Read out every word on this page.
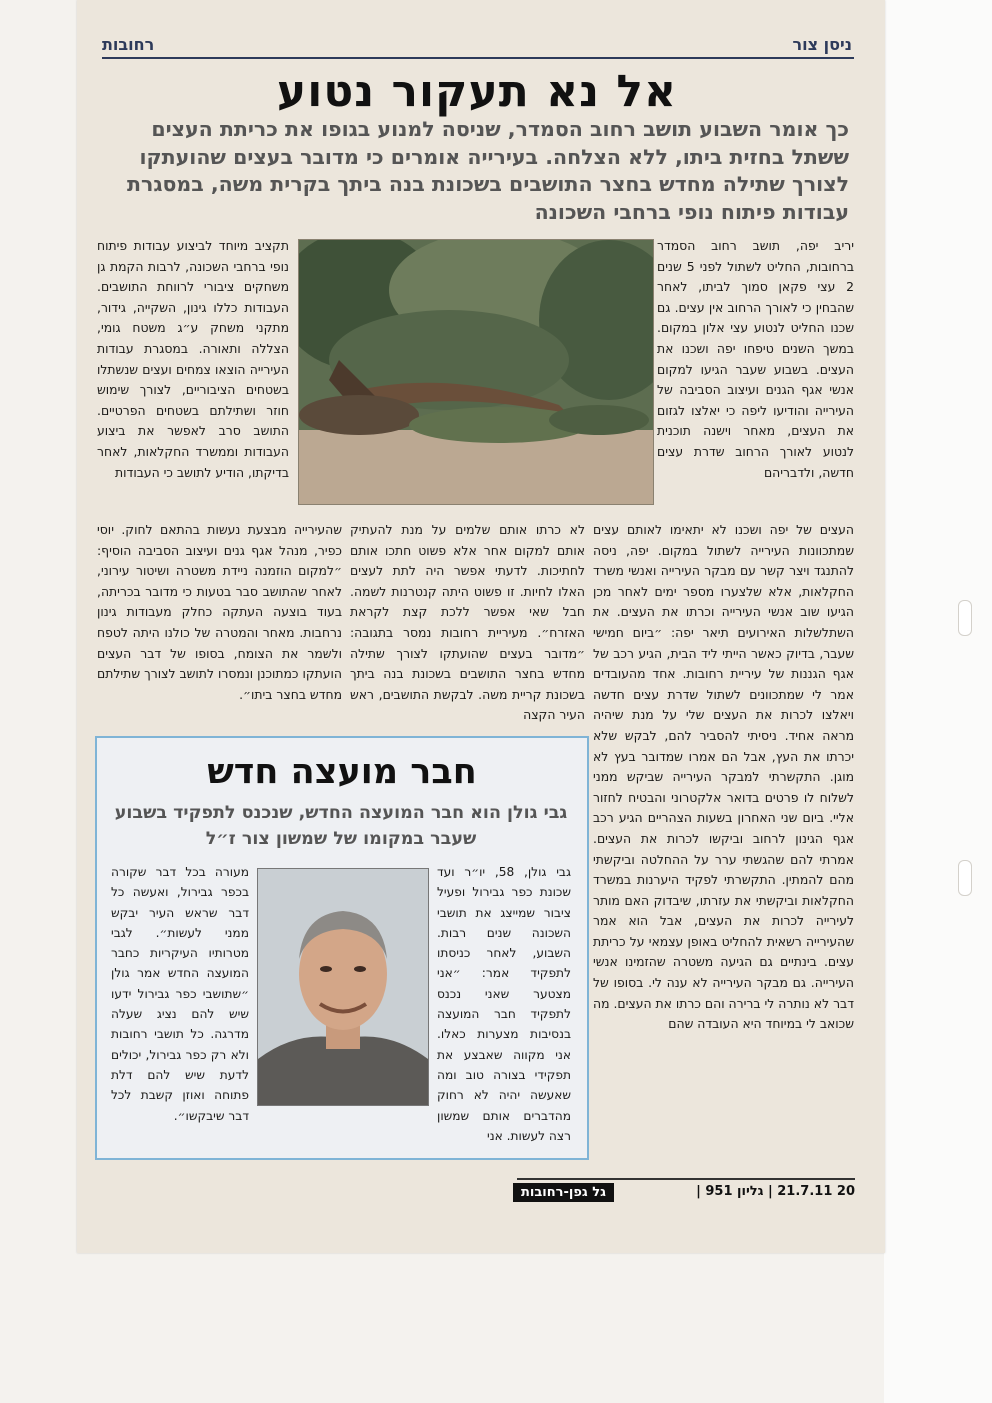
ניסן צור
רחובות
אל נא תעקור נטוע
כך אומר השבוע תושב רחוב הסמדר, שניסה למנוע בגופו את כריתת העצים ששתל בחזית ביתו, ללא הצלחה. בעירייה אומרים כי מדובר בעצים שהועתקו לצורך שתילה מחדש בחצר התושבים בשכונת בנה ביתך בקרית משה, במסגרת עבודות פיתוח נופי ברחבי השכונה
יריב יפה, תושב רחוב הסמדר ברחובות, החליט לשתול לפני 5 שנים 2 עצי פקאן סמוך לביתו, לאחר שהבחין כי לאורך הרחוב אין עצים. גם שכנו החליט לנטוע עצי אלון במקום. במשך השנים טיפחו יפה ושכנו את העצים. בשבוע שעבר הגיעו למקום אנשי אגף הגנים ועיצוב הסביבה של העירייה והודיעו ליפה כי יאלצו לגזום את העצים, מאחר וישנה תוכנית לנטוע לאורך הרחוב שדרת עצים חדשה, ולדבריהם
העצים של יפה ושכנו לא יתאימו לאותם עצים שמתכוונות העירייה לשתול במקום. יפה, ניסה להתנגד ויצר קשר עם מבקר העירייה ואנשי משרד החקלאות, אלא שלצערו מספר ימים לאחר מכן הגיעו שוב אנשי העירייה וכרתו את העצים. את השתלשלות האירועים תיאר יפה: ״ביום חמישי שעבר, בדיוק כאשר הייתי ליד הבית, הגיע רכב של אגף הגננות של עיריית רחובות. אחד מהעובדים אמר לי שמתכוונים לשתול שדרת עצים חדשה ויאלצו לכרות את העצים שלי על מנת שיהיה מראה אחיד. ניסיתי להסביר להם, לבקש שלא יכרתו את העץ, אבל הם אמרו שמדובר בעץ לא מוגן. התקשרתי למבקר העירייה שביקש ממני לשלוח לו פרטים בדואר אלקטרוני והבטיח לחזור אליי. ביום שני האחרון בשעות הצהריים הגיע רכב אגף הגינון לרחוב וביקשו לכרות את העצים. אמרתי להם שהגשתי ערר על ההחלטה וביקשתי מהם להמתין. התקשרתי לפקיד היערנות במשרד החקלאות וביקשתי את עזרתו, שיבדוק האם מותר לעירייה לכרות את העצים, אבל הוא אמר שהעירייה רשאית להחליט באופן עצמאי על כריתת עצים. בינתיים גם הגיעה משטרה שהזמינו אנשי העירייה. גם מבקר העירייה לא ענה לי. בסופו של דבר לא נותרה לי ברירה והם כרתו את העצים. מה שכואב לי במיוחד היא העובדה שהם
לא כרתו אותם שלמים על מנת להעתיק אותם למקום אחר אלא פשוט חתכו אותם לחתיכות. לדעתי אפשר היה לתת לעצים האלו לחיות. זו פשוט היתה קנטרנות לשמה. חבל שאי אפשר ללכת קצת לקראת האזרח״. מעיריית רחובות נמסר בתגובה: ״מדובר בעצים שהועתקו לצורך שתילה מחדש בחצר התושבים בשכונת בנה ביתך בשכונת קריית משה. לבקשת התושבים, ראש העיר הקצה
תקציב מיוחד לביצוע עבודות פיתוח נופי ברחבי השכונה, לרבות הקמת גן משחקים ציבורי לרווחת התושבים. העבודות כללו גינון, השקייה, גידור, מתקני משחק ע״ג משטח גומי, הצללה ותאורה. במסגרת עבודות העירייה הוצאו צמחים ועצים שנשתלו בשטחים הציבוריים, לצורך שימוש חוזר ושתילתם בשטחים הפרטיים. התושב סרב לאפשר את ביצוע העבודות וממשרד החקלאות, לאחר בדיקתו, הודיע לתושב כי העבודות
שהעירייה מבצעת נעשות בהתאם לחוק. יוסי כפיר, מנהל אגף גנים ועיצוב הסביבה הוסיף: ״למקום הוזמנה ניידת משטרה ושיטור עירוני, לאחר שהתושב סבר בטעות כי מדובר בכריתה, בעוד בוצעה העתקה כחלק מעבודות גינון נרחבות. מאחר והמטרה של כולנו היתה לטפח ולשמר את הצומח, בסופו של דבר העצים הועתקו כמתוכנן ונמסרו לתושב לצורך שתילתם מחדש בחצר ביתו״.
חבר מועצה חדש
גבי גולן הוא חבר המועצה החדש, שנכנס לתפקיד בשבוע שעבר במקומו של שמשון צור ז״ל
גבי גולן, 58, יו״ר ועד שכונת כפר גבירול ופעיל ציבור שמייצג את תושבי השכונה שנים רבות. השבוע, לאחר כניסתו לתפקיד אמר: ״אני מצטער שאני נכנס לתפקיד חבר המועצה בנסיבות מצערות כאלו. אני מקווה שאבצע את תפקידי בצורה טוב ומה שאעשה יהיה לא רחוק מהדברים אותם שמשון רצה לעשות. אני
מעורה בכל דבר שקורה בכפר גבירול, ואעשה כל דבר שראש העיר יבקש ממני לעשות״. לגבי מטרותיו העיקריות כחבר המועצה החדש אמר גולן ״שתושבי כפר גבירול ידעו שיש להם נציג שעלה מדרגה. כל תושבי רחובות ולא רק כפר גבירול, יכולים לדעת שיש להם דלת פתוחה ואוזן קשבת לכל דבר שיבקשו״.
גל גפן-רחובות	20 21.7.11 | גליון 951 |
